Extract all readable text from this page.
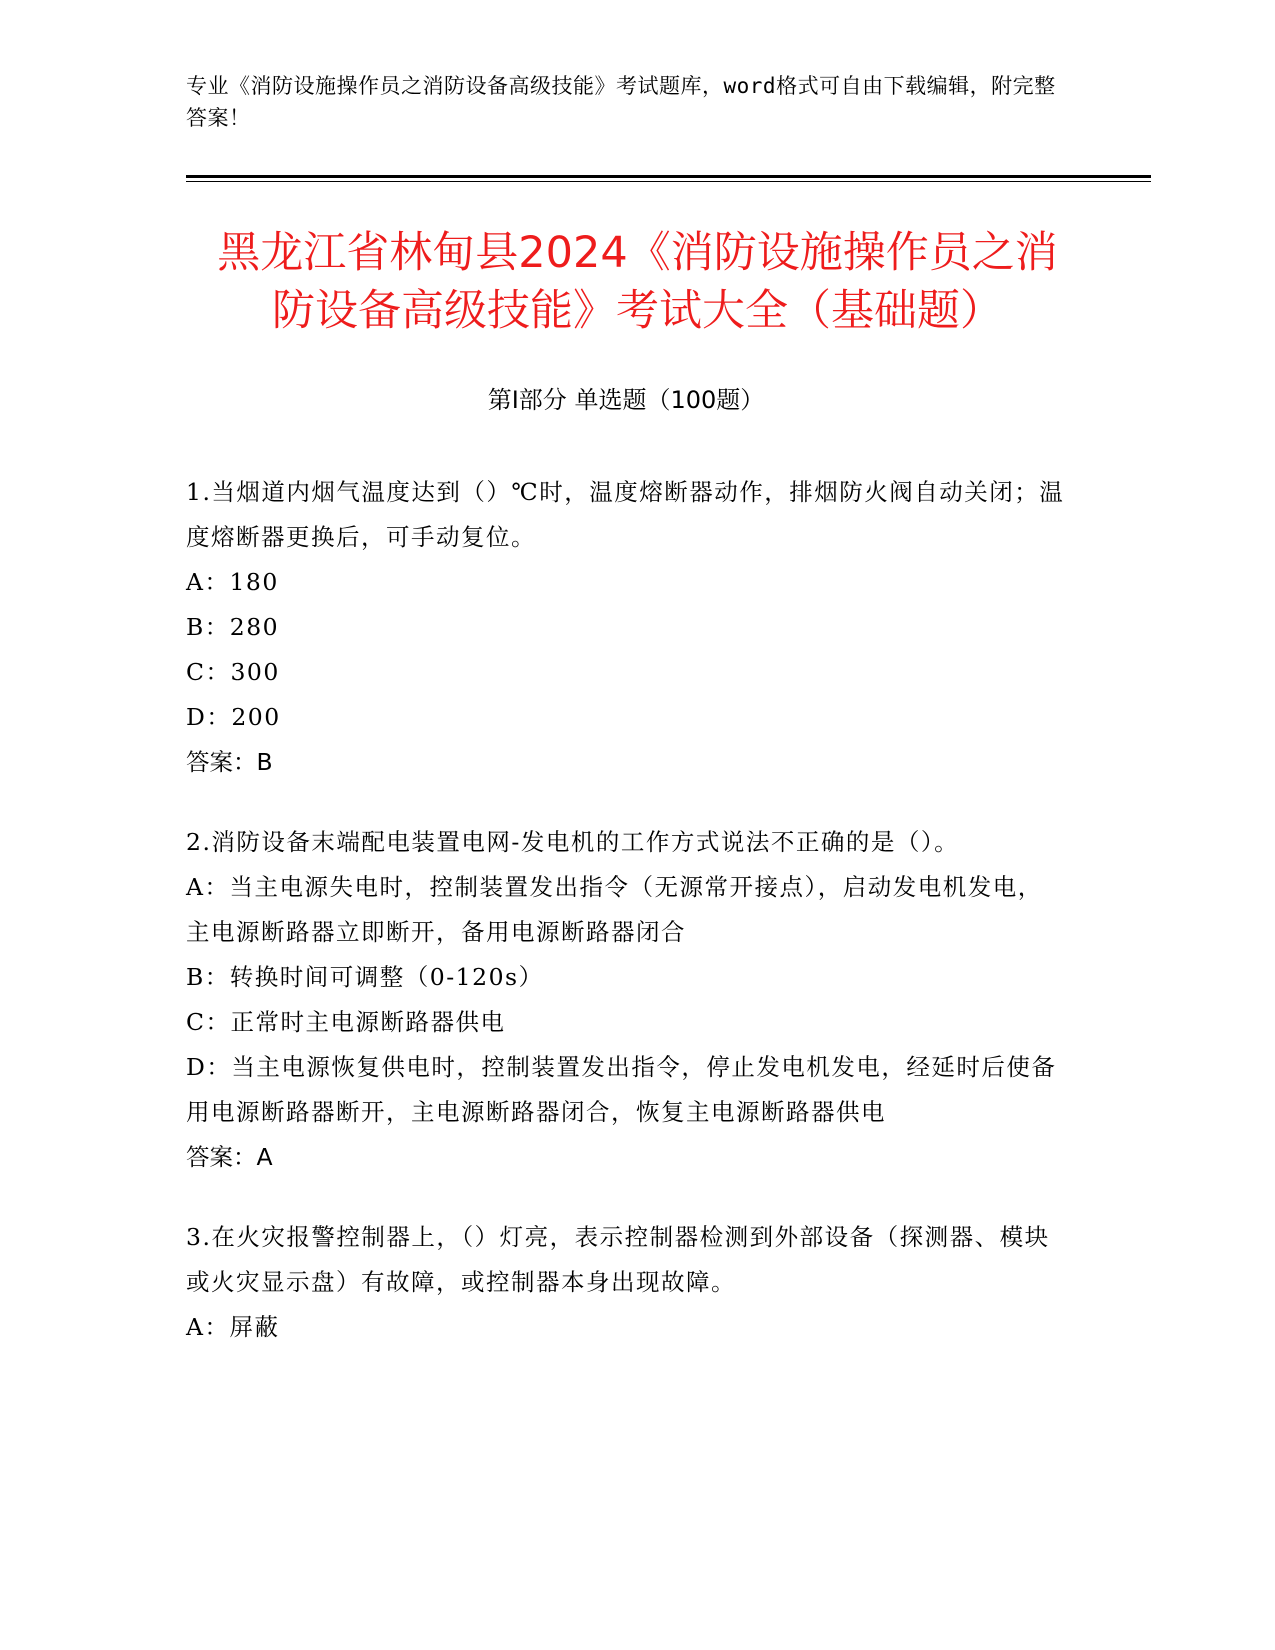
专业《消防设施操作员之消防设备高级技能》考试题库，word格式可自由下载编辑，附完整答案！
黑龙江省林甸县2024《消防设施操作员之消
防设备高级技能》考试大全（基础题）
第I部分 单选题（100题）
1.当烟道内烟气温度达到（）℃时，温度熔断器动作，排烟防火阀自动关闭；温度熔断器更换后，可手动复位。
A：180
B：280
C：300
D：200
答案：B
2.消防设备末端配电装置电网-发电机的工作方式说法不正确的是（）。
A：当主电源失电时，控制装置发出指令（无源常开接点），启动发电机发电，主电源断路器立即断开，备用电源断路器闭合
B：转换时间可调整（0-120s）
C：正常时主电源断路器供电
D：当主电源恢复供电时，控制装置发出指令，停止发电机发电，经延时后使备用电源断路器断开，主电源断路器闭合，恢复主电源断路器供电
答案：A
3.在火灾报警控制器上，（）灯亮，表示控制器检测到外部设备（探测器、模块或火灾显示盘）有故障，或控制器本身出现故障。
A：屏蔽
